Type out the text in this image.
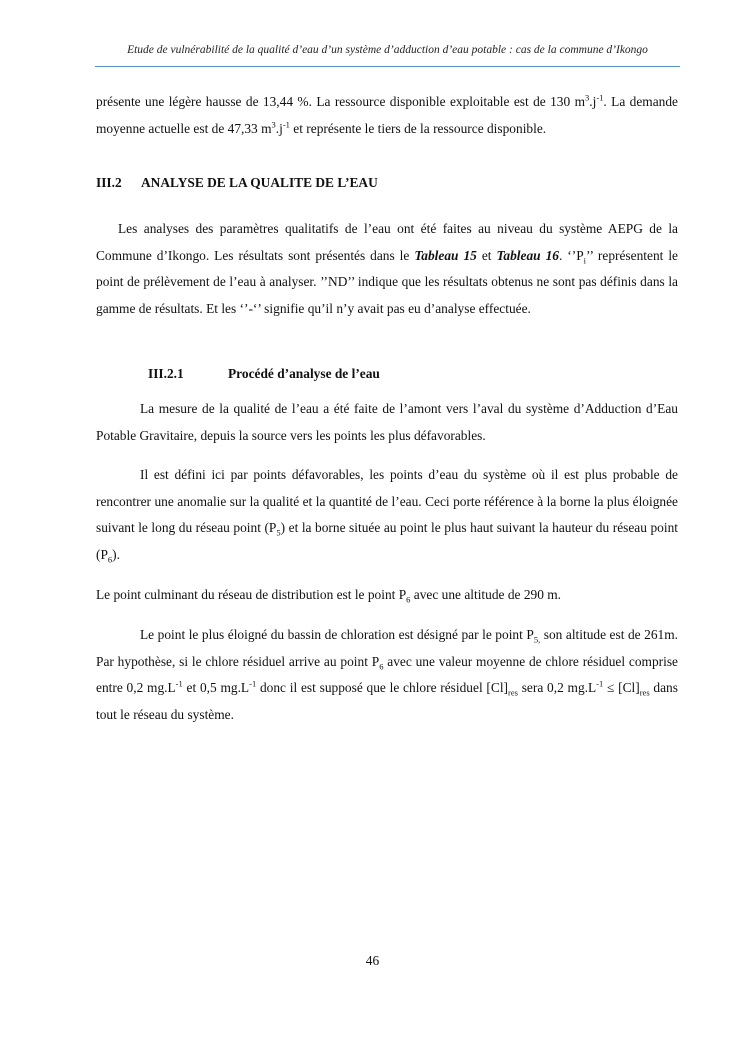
Etude de vulnérabilité de la qualité d’eau d’un système d’adduction d’eau potable : cas de la commune d’Ikongo

présente une légère hausse de 13,44 %. La ressource disponible exploitable est de 130 $m^3.j^{-1}$. La demande moyenne actuelle est de 47,33 $m^3.j^{-1}$ et représente le tiers de la ressource disponible.

III.2 ANALYSE DE LA QUALITE DE L’EAU

Les analyses des paramètres qualitatifs de l’eau ont été faites au niveau du système AEPG de la Commune d’Ikongo. Les résultats sont présentés dans le Tableau 15 et Tableau 16. ‘$’P_i$’’ représentent le point de prélèvement de l’eau à analyser. ’’ND’’ indique que les résultats obtenus ne sont pas définis dans la gamme de résultats. Et les ‘’-‘’ signifie qu’il n’y avait pas eu d’analyse effectuée.

III.2.1	Procédé d’analyse de l’eau

La mesure de la qualité de l’eau a été faite de l’amont vers l’aval du système d’Adduction d’Eau Potable Gravitaire, depuis la source vers les points les plus défavorables.

Il est défini ici par points défavorables, les points d’eau du système où il est plus probable de rencontrer une anomalie sur la qualité et la quantité de l’eau. Ceci porte référence à la borne la plus éloignée suivant le long du réseau point $(P_5)$ et la borne située au point le plus haut suivant la hauteur du réseau point $(P_6)$.

Le point culminant du réseau de distribution est le point $P_6$ avec une altitude de 290 m.

Le point le plus éloigné du bassin de chloration est désigné par le point $P_{5,}$ son altitude est de 261m. Par hypothèse, si le chlore résiduel arrive au point $P_6$ avec une valeur moyenne de chlore résiduel comprise entre 0,2 $mg.L^{-1}$ et 0,5 $mg.L^{-1}$ donc il est supposé que le chlore résiduel $[Cl]_{res}$ sera 0,2 $mg.L^{-1} \le [Cl]_{res}$ dans tout le réseau du système.

46
